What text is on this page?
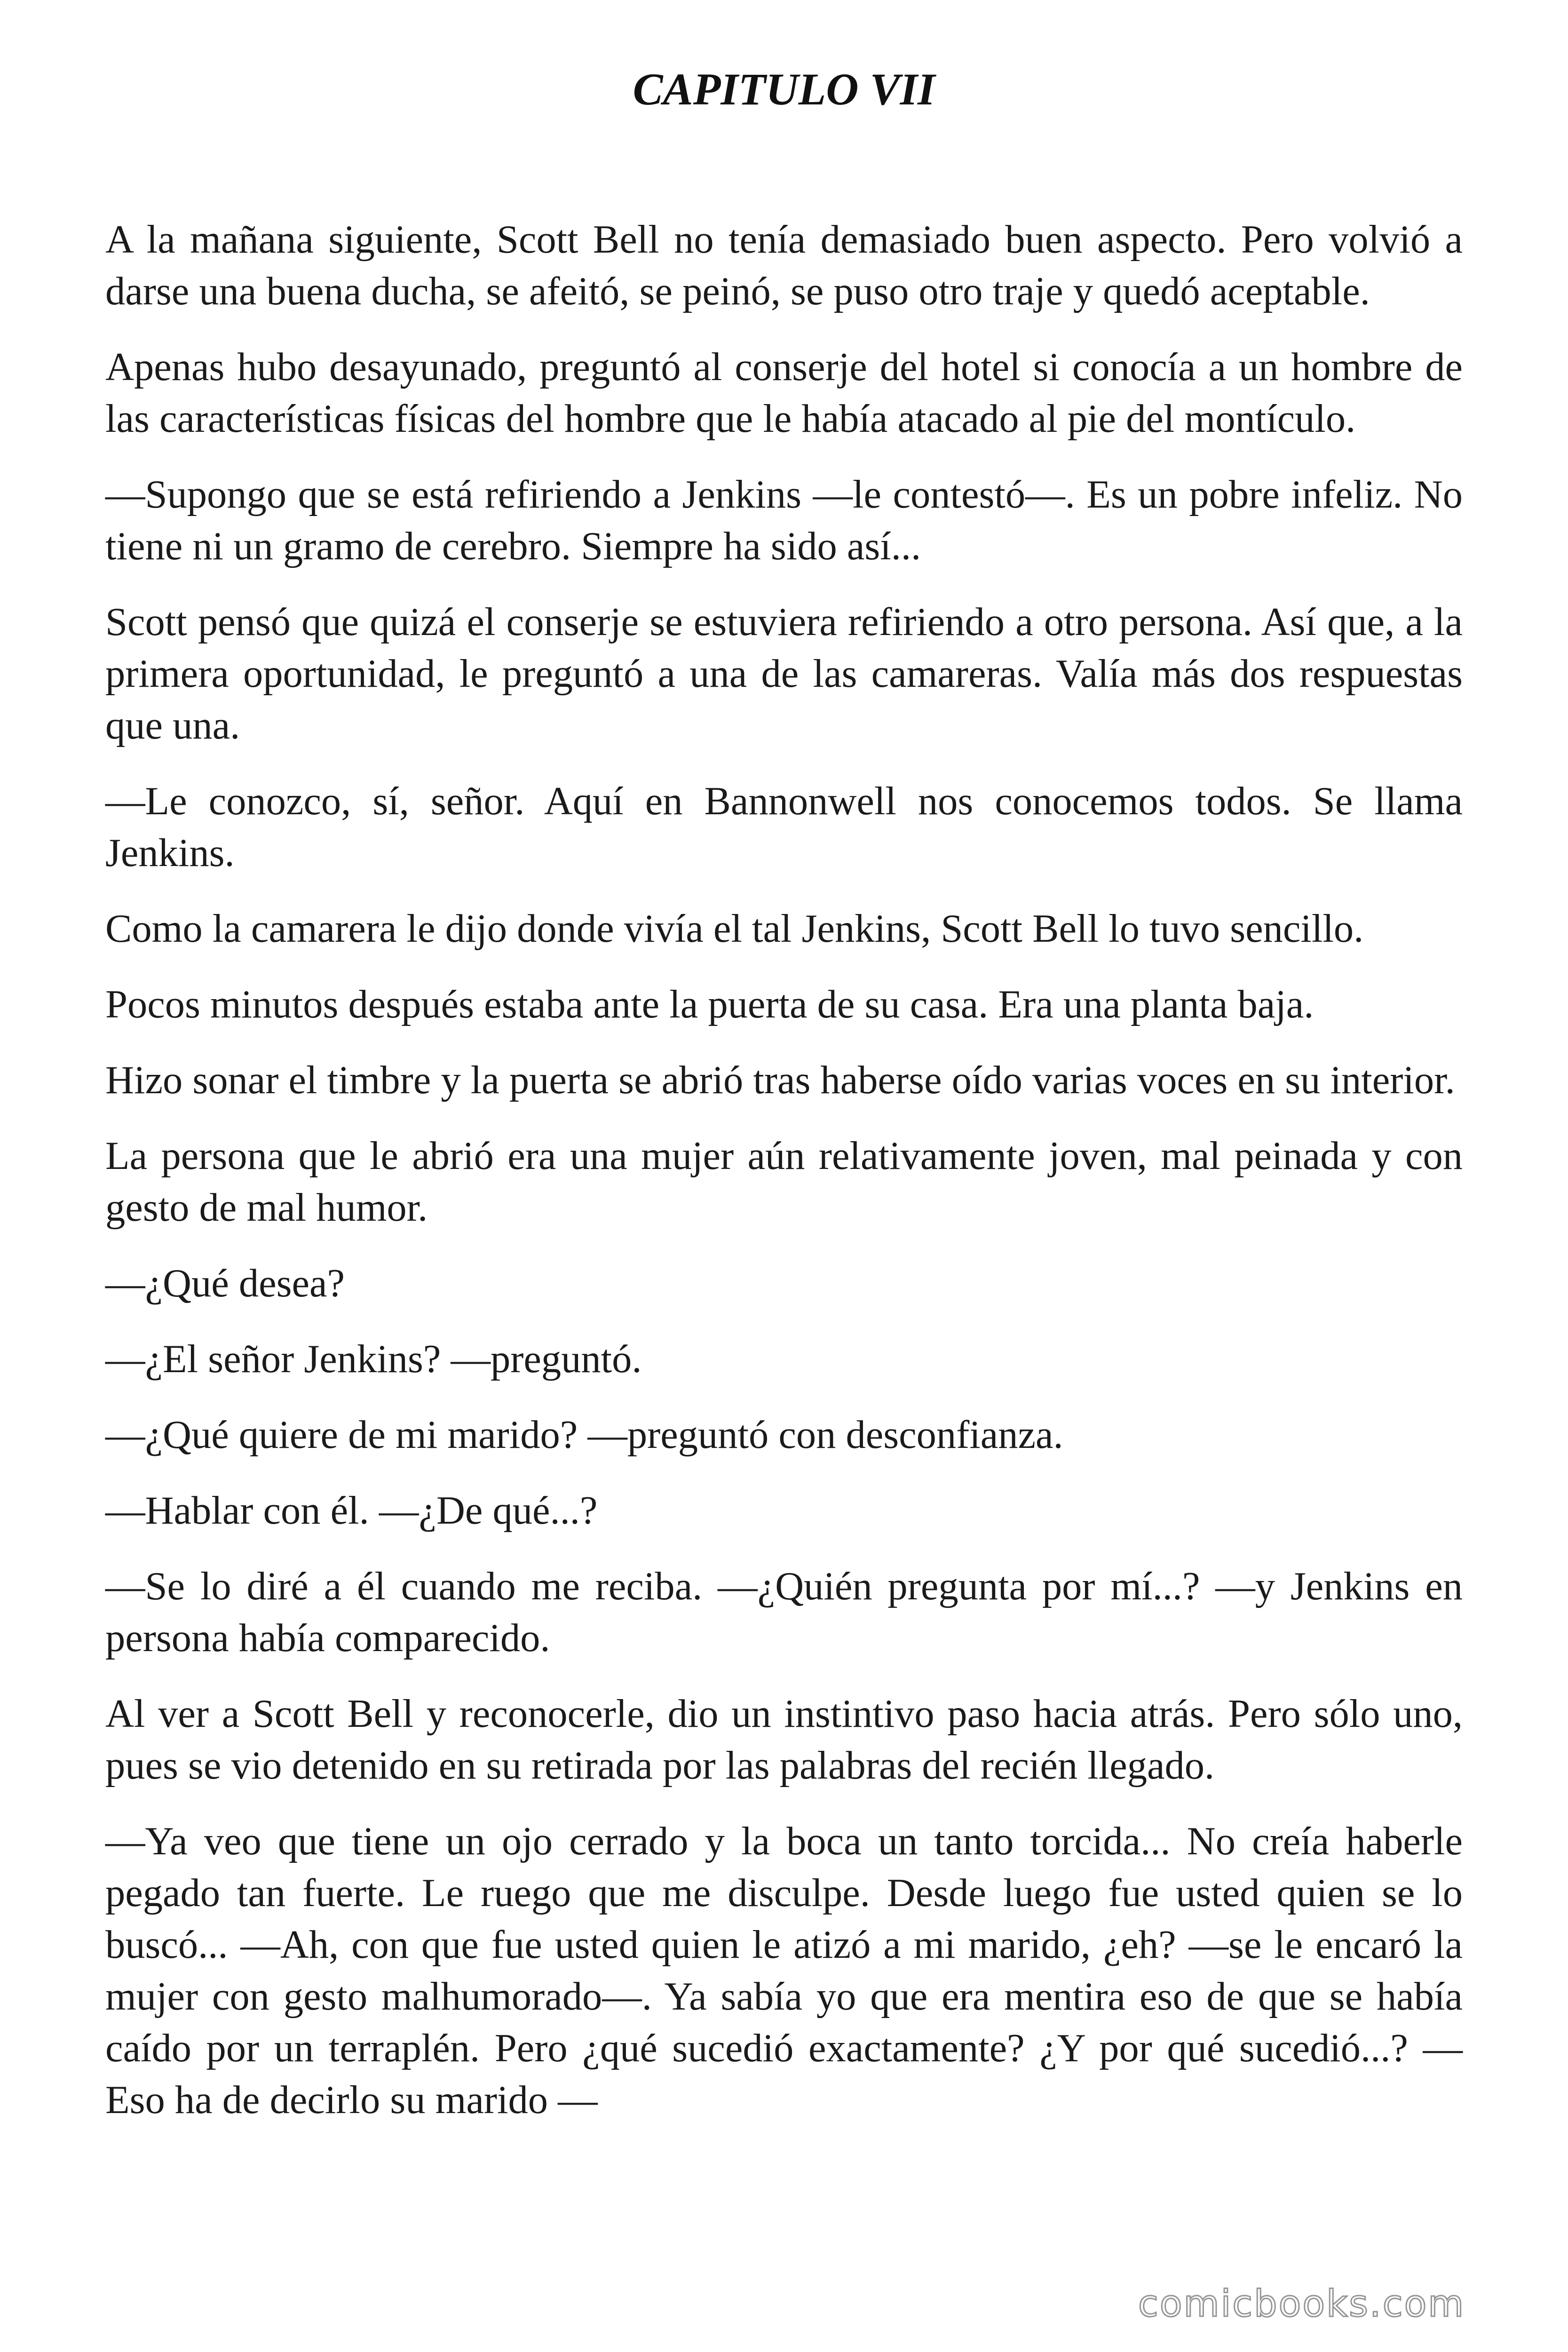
CAPITULO VII

A la mañana siguiente, Scott Bell no tenía demasiado buen aspecto. Pero volvió a darse una buena ducha, se afeitó, se peinó, se puso otro traje y quedó aceptable.

Apenas hubo desayunado, preguntó al conserje del hotel si conocía a un hombre de las características físicas del hombre que le había atacado al pie del montículo.

—Supongo que se está refiriendo a Jenkins —le contestó—. Es un pobre infeliz. No tiene ni un gramo de cerebro. Siempre ha sido así...

Scott pensó que quizá el conserje se estuviera refiriendo a otro persona. Así que, a la primera oportunidad, le preguntó a una de las camareras. Valía más dos respuestas que una.

—Le conozco, sí, señor. Aquí en Bannonwell nos conocemos todos. Se llama Jenkins.

Como la camarera le dijo donde vivía el tal Jenkins, Scott Bell lo tuvo sencillo.

Pocos minutos después estaba ante la puerta de su casa. Era una planta baja.

Hizo sonar el timbre y la puerta se abrió tras haberse oído varias voces en su interior.

La persona que le abrió era una mujer aún relativamente joven, mal peinada y con gesto de mal humor.

—¿Qué desea?

—¿El señor Jenkins? —preguntó.

—¿Qué quiere de mi marido? —preguntó con desconfianza.

—Hablar con él. —¿De qué...?

—Se lo diré a él cuando me reciba. —¿Quién pregunta por mí...? —y Jenkins en persona había comparecido.

Al ver a Scott Bell y reconocerle, dio un instintivo paso hacia atrás. Pero sólo uno, pues se vio detenido en su retirada por las palabras del recién llegado.

—Ya veo que tiene un ojo cerrado y la boca un tanto torcida... No creía haberle pegado tan fuerte. Le ruego que me disculpe. Desde luego fue usted quien se lo buscó... —Ah, con que fue usted quien le atizó a mi marido, ¿eh? —se le encaró la mujer con gesto malhumorado—. Ya sabía yo que era mentira eso de que se había caído por un terraplén. Pero ¿qué sucedió exactamente? ¿Y por qué sucedió...? —Eso ha de decirlo su marido —

comicbooks.com
